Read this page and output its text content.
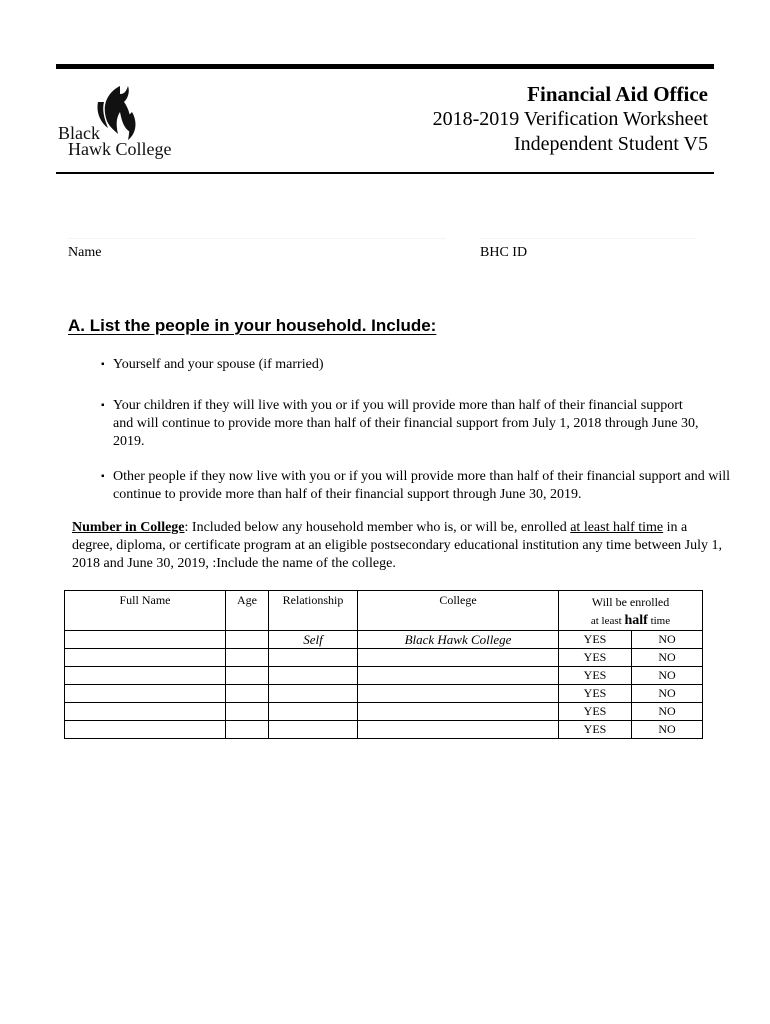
Black
Hawk College
Financial Aid Office
2018-2019 Verification Worksheet
Independent Student V5
______________________________________________________	_______________________________
Name	BHC ID
A. List the people in your household. Include:
▪ Yourself and your spouse (if married)
▪ Your children if they will live with you or if you will provide more than half of their financial support and will continue to provide more than half of their financial support from July 1, 2018 through June 30, 2019.
▪ Other people if they now live with you or if you will provide more than half of their financial support and will continue to provide more than half of their financial support through June 30, 2019.
Number in College: Included below any household member who is, or will be, enrolled at least half time in a degree, diploma, or certificate program at an eligible postsecondary educational institution any time between July 1, 2018 and June 30, 2019, :Include the name of the college.
Full Name	Age	Relationship	College	Will be enrolled
at least half time	
		Self	Black Hawk College	YES	NO
				YES	NO
				YES	NO
				YES	NO
				YES	NO
				YES	NO
